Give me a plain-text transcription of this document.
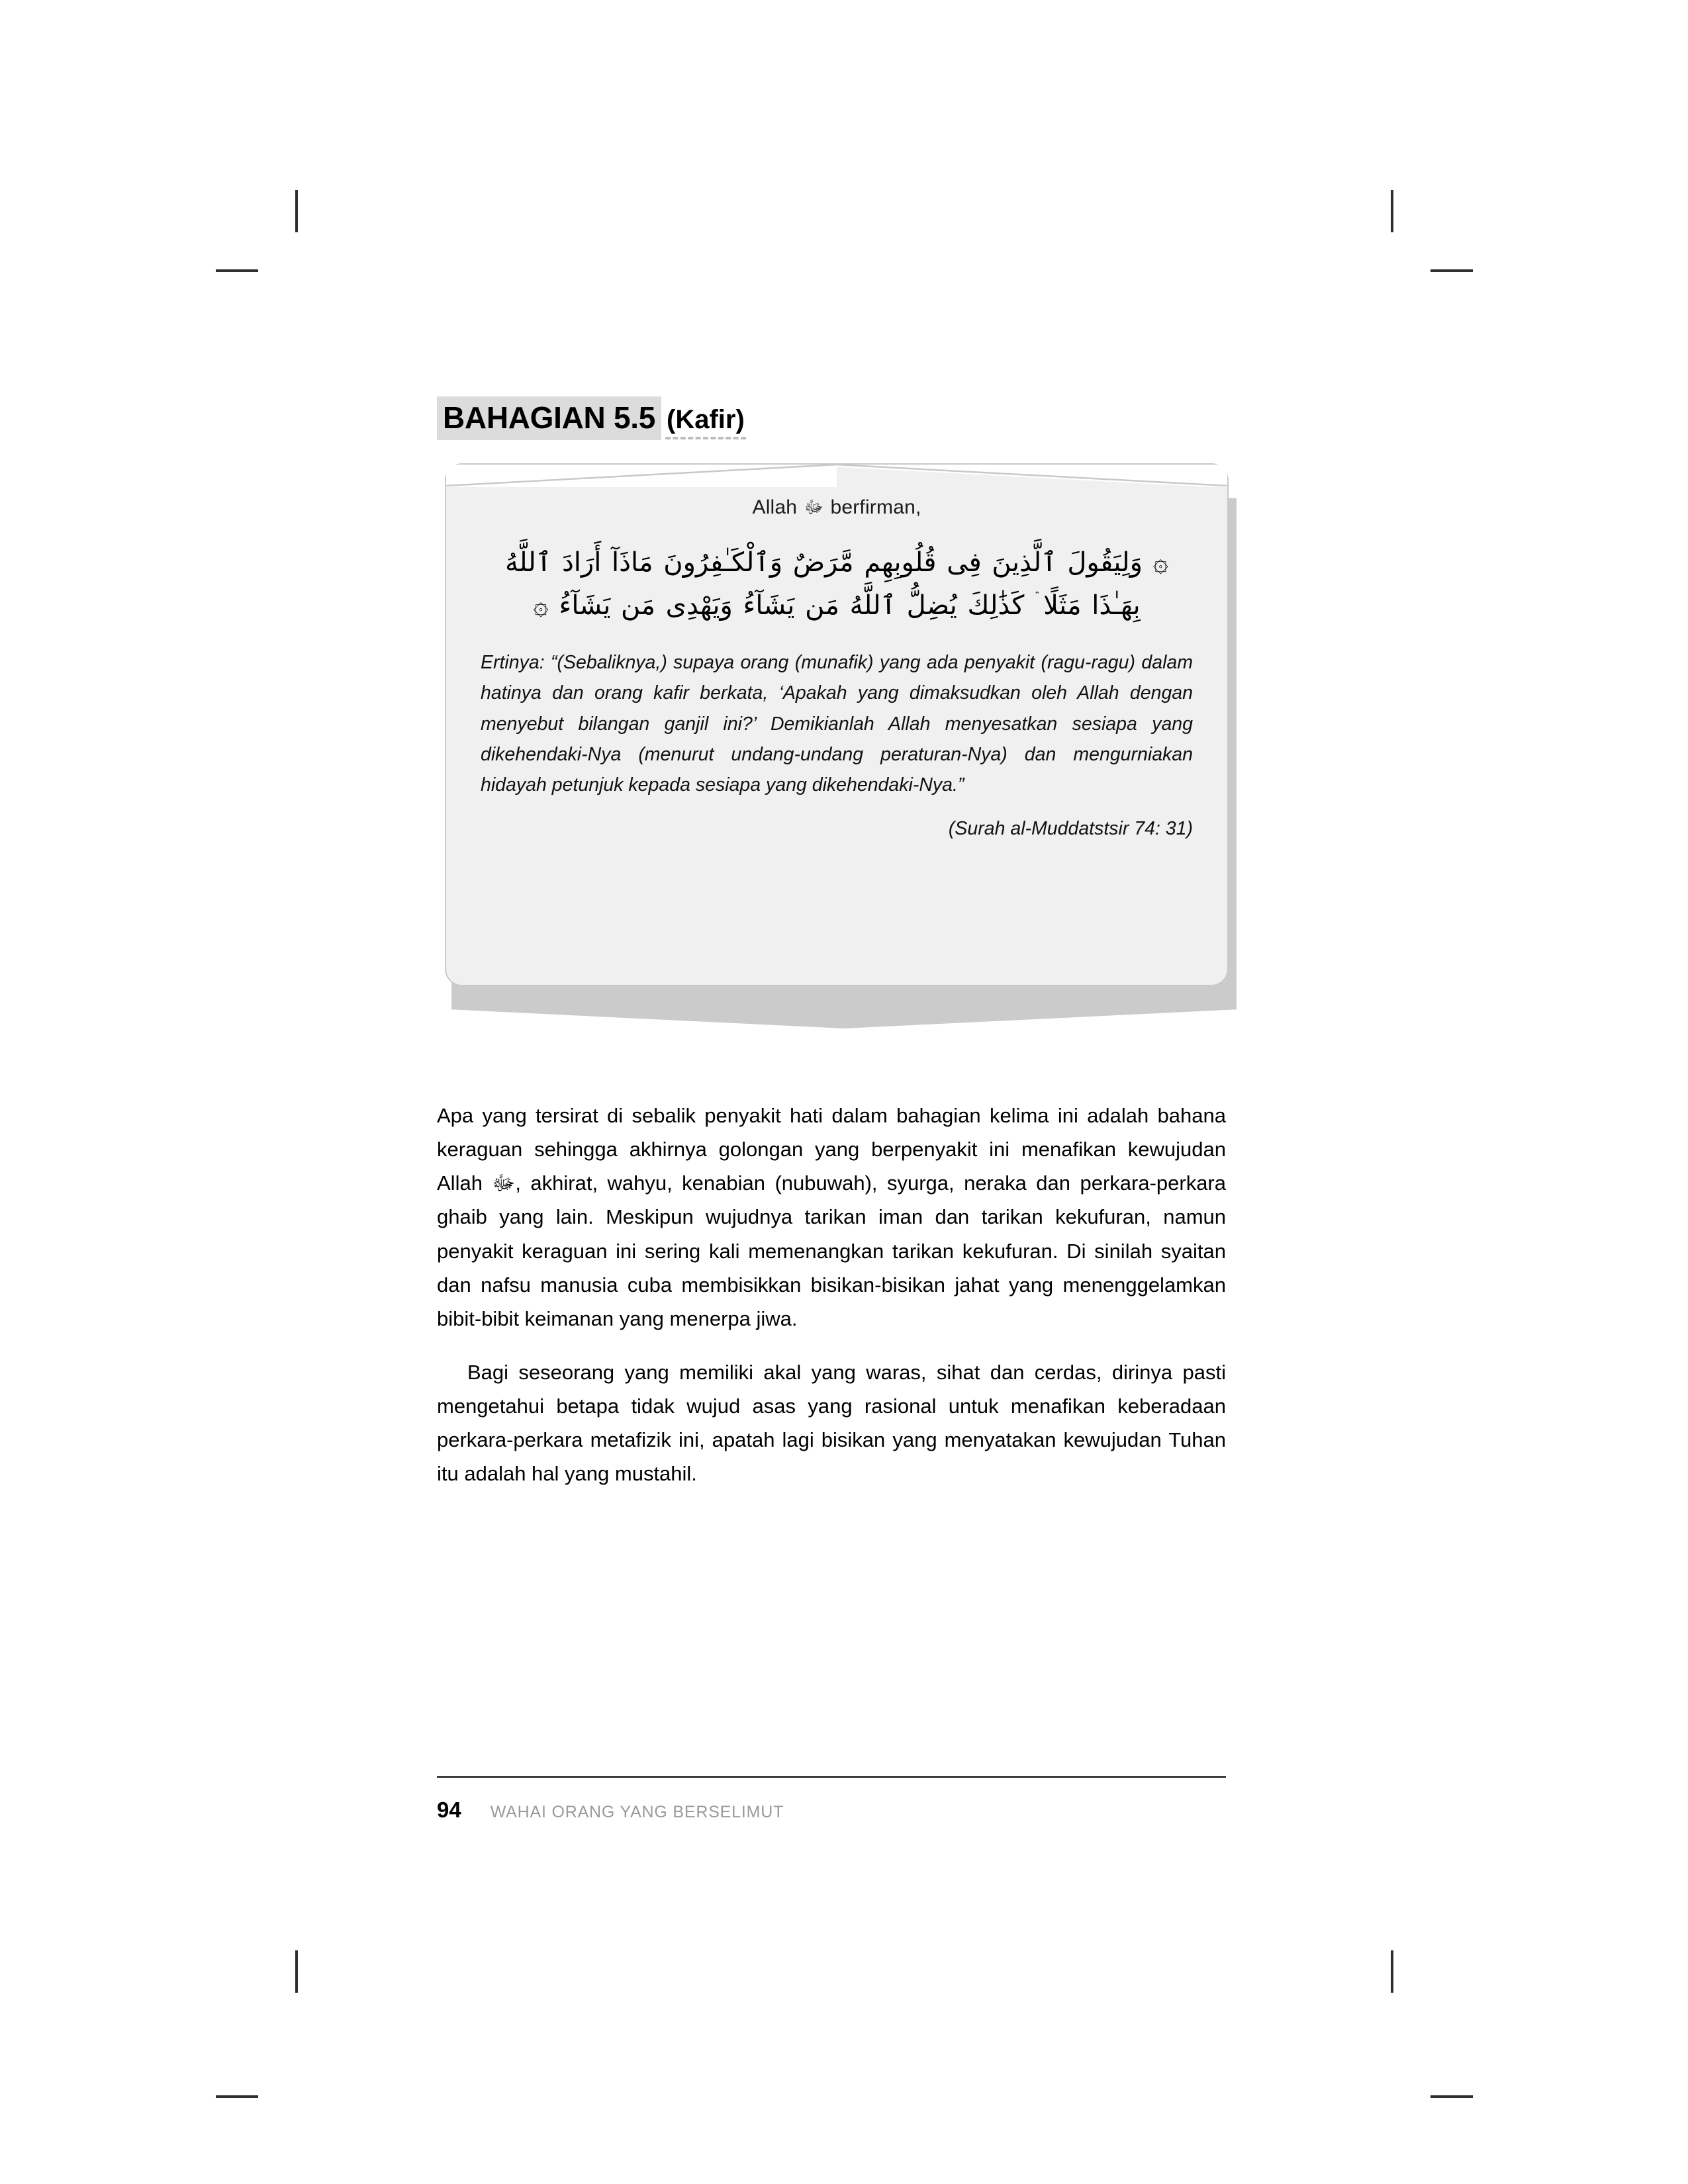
BAHAGIAN 5.5 (Kafir)

Allah ﷻ berfirman,

۞ وَلِيَقُولَ ٱلَّذِينَ فِى قُلُوبِهِم مَّرَضٌ وَٱلْكَـٰفِرُونَ مَاذَآ أَرَادَ ٱللَّهُ
بِهَـٰذَا مَثَلًا ۛ كَذَٰلِكَ يُضِلُّ ٱللَّهُ مَن يَشَآءُ وَيَهْدِى مَن يَشَآءُ ۞

Ertinya: “(Sebaliknya,) supaya orang (munafik) yang ada penyakit (ragu-ragu) dalam hatinya dan orang kafir berkata, ‘Apakah yang dimaksudkan oleh Allah dengan menyebut bilangan ganjil ini?’ Demikianlah Allah menyesatkan sesiapa yang dikehendaki-Nya (menurut undang-undang peraturan-Nya) dan mengurniakan hidayah petunjuk kepada sesiapa yang dikehendaki-Nya.”

(Surah al-Muddatstsir 74: 31)

Apa yang tersirat di sebalik penyakit hati dalam bahagian kelima ini adalah bahana keraguan sehingga akhirnya golongan yang berpenyakit ini menafikan kewujudan Allah ﷻ, akhirat, wahyu, kenabian (nubuwah), syurga, neraka dan perkara-perkara ghaib yang lain. Meskipun wujudnya tarikan iman dan tarikan kekufuran, namun penyakit keraguan ini sering kali memenangkan tarikan kekufuran. Di sinilah syaitan dan nafsu manusia cuba membisikkan bisikan-bisikan jahat yang menenggelamkan bibit-bibit keimanan yang menerpa jiwa.

Bagi seseorang yang memiliki akal yang waras, sihat dan cerdas, dirinya pasti mengetahui betapa tidak wujud asas yang rasional untuk menafikan keberadaan perkara-perkara metafizik ini, apatah lagi bisikan yang menyatakan kewujudan Tuhan itu adalah hal yang mustahil.

94 WAHAI ORANG YANG BERSELIMUT
